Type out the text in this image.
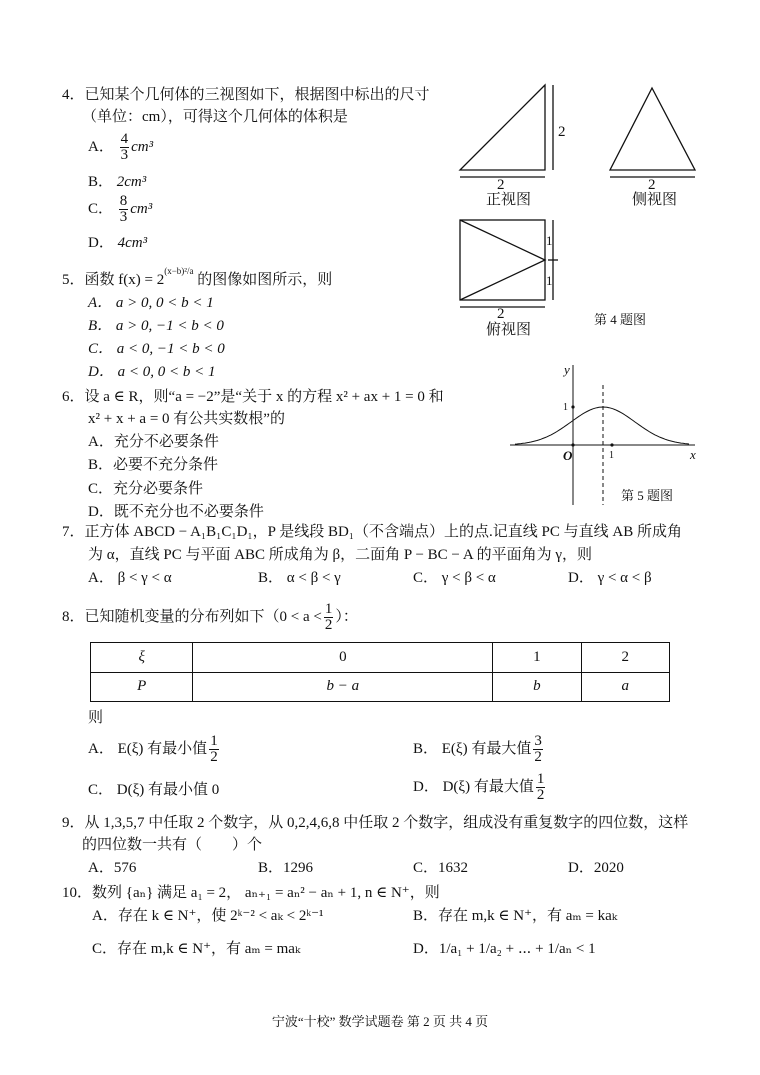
2
2
正视图
2
侧视图
1
1
2
俯视图
第 4 题图
y
x
1
O	1
第 5 题图
4．已知某个几何体的三视图如下，根据图中标出的尺寸
（单位：cm），可得这个几何体的体积是
A． $\frac{4}{3} cm^3$
B． 2cm³
C． $\frac{8}{3} cm^3$
D． 4cm³
5．函数 $f(x) = 2^{(x-b)^2/a}$ 的图像如图所示，则
A． a > 0, 0 < b < 1
B． a > 0, −1 < b < 0
C． a < 0, −1 < b < 0
D． a < 0, 0 < b < 1
6．设 a ∈ R，则“a = −2”是“关于 x 的方程 x² + ax + 1 = 0 和
x² + x + a = 0 有公共实数根”的
A．充分不必要条件
B．必要不充分条件
C．充分必要条件
D．既不充分也不必要条件
7．正方体 ABCD − A₁B₁C₁D₁，P 是线段 BD₁（不含端点）上的点.记直线 PC 与直线 AB 所成角
为 α，直线 PC 与平面 ABC 所成角为 β，二面角 P − BC − A 的平面角为 γ，则
A． β < γ < α	B． α < β < γ	C． γ < β < α	D． γ < α < β
8．已知随机变量的分布列如下（$0 < a < \frac{1}{2}$ ）：
ξ	0	1	2
P	b − a	b	a
则
A． E(ξ) 有最小值 $\frac{1}{2}$	B． E(ξ) 有最大值 $\frac{3}{2}$
C． D(ξ) 有最小值 0	D． D(ξ) 有最大值 $\frac{1}{2}$
9．从 1,3,5,7 中任取 2 个数字，从 0,2,4,6,8 中任取 2 个数字，组成没有重复数字的四位数，这样
的四位数一共有（　　）个
A．576	B．1296	C．1632	D．2020
10．数列 {aₙ} 满足 a₁ = 2， aₙ₊₁ = aₙ² − aₙ + 1, n ∈ N⁺，则
A．存在 k ∈ N⁺，使 2ᵏ⁻² < aₖ < 2ᵏ⁻¹	B．存在 m,k ∈ N⁺，有 aₘ = kaₖ
C．存在 m,k ∈ N⁺，有 aₘ = maₖ	D．1/a₁ + 1/a₂ + ⋯ + 1/aₙ < 1
宁波“十校” 数学试题卷 第 2 页 共 4 页
